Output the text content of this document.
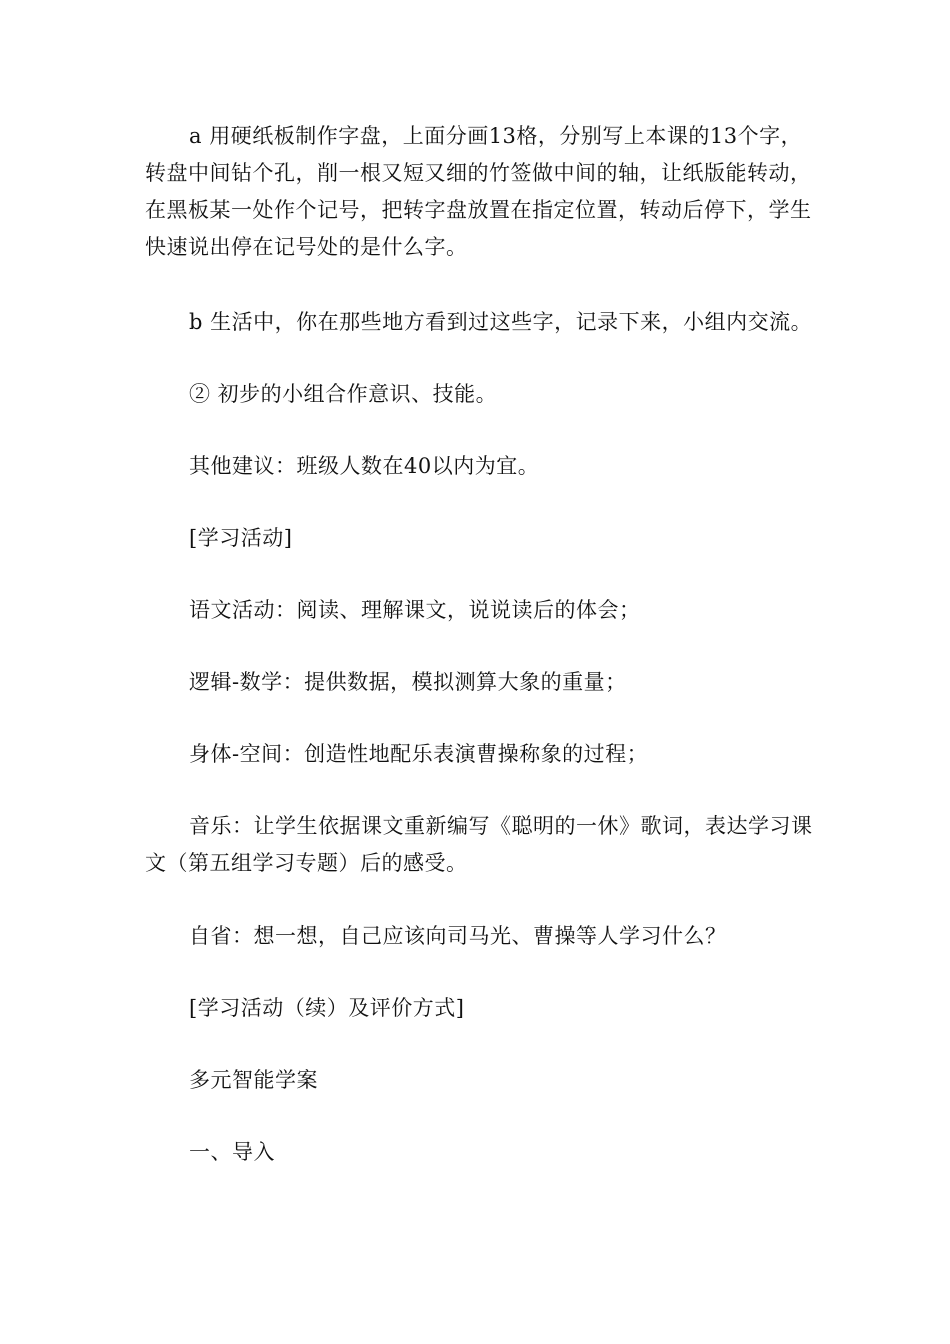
a 用硬纸板制作字盘，上面分画13格，分别写上本课的13个字，转盘中间钻个孔，削一根又短又细的竹签做中间的轴，让纸版能转动，在黑板某一处作个记号，把转字盘放置在指定位置，转动后停下，学生快速说出停在记号处的是什么字。

b 生活中，你在那些地方看到过这些字，记录下来，小组内交流。

② 初步的小组合作意识、技能。

其他建议：班级人数在40以内为宜。

[学习活动]

语文活动：阅读、理解课文，说说读后的体会；

逻辑-数学：提供数据，模拟测算大象的重量；

身体-空间：创造性地配乐表演曹操称象的过程；

音乐：让学生依据课文重新编写《聪明的一休》歌词，表达学习课文（第五组学习专题）后的感受。

自省：想一想，自己应该向司马光、曹操等人学习什么？

[学习活动（续）及评价方式]

多元智能学案

一、导入
